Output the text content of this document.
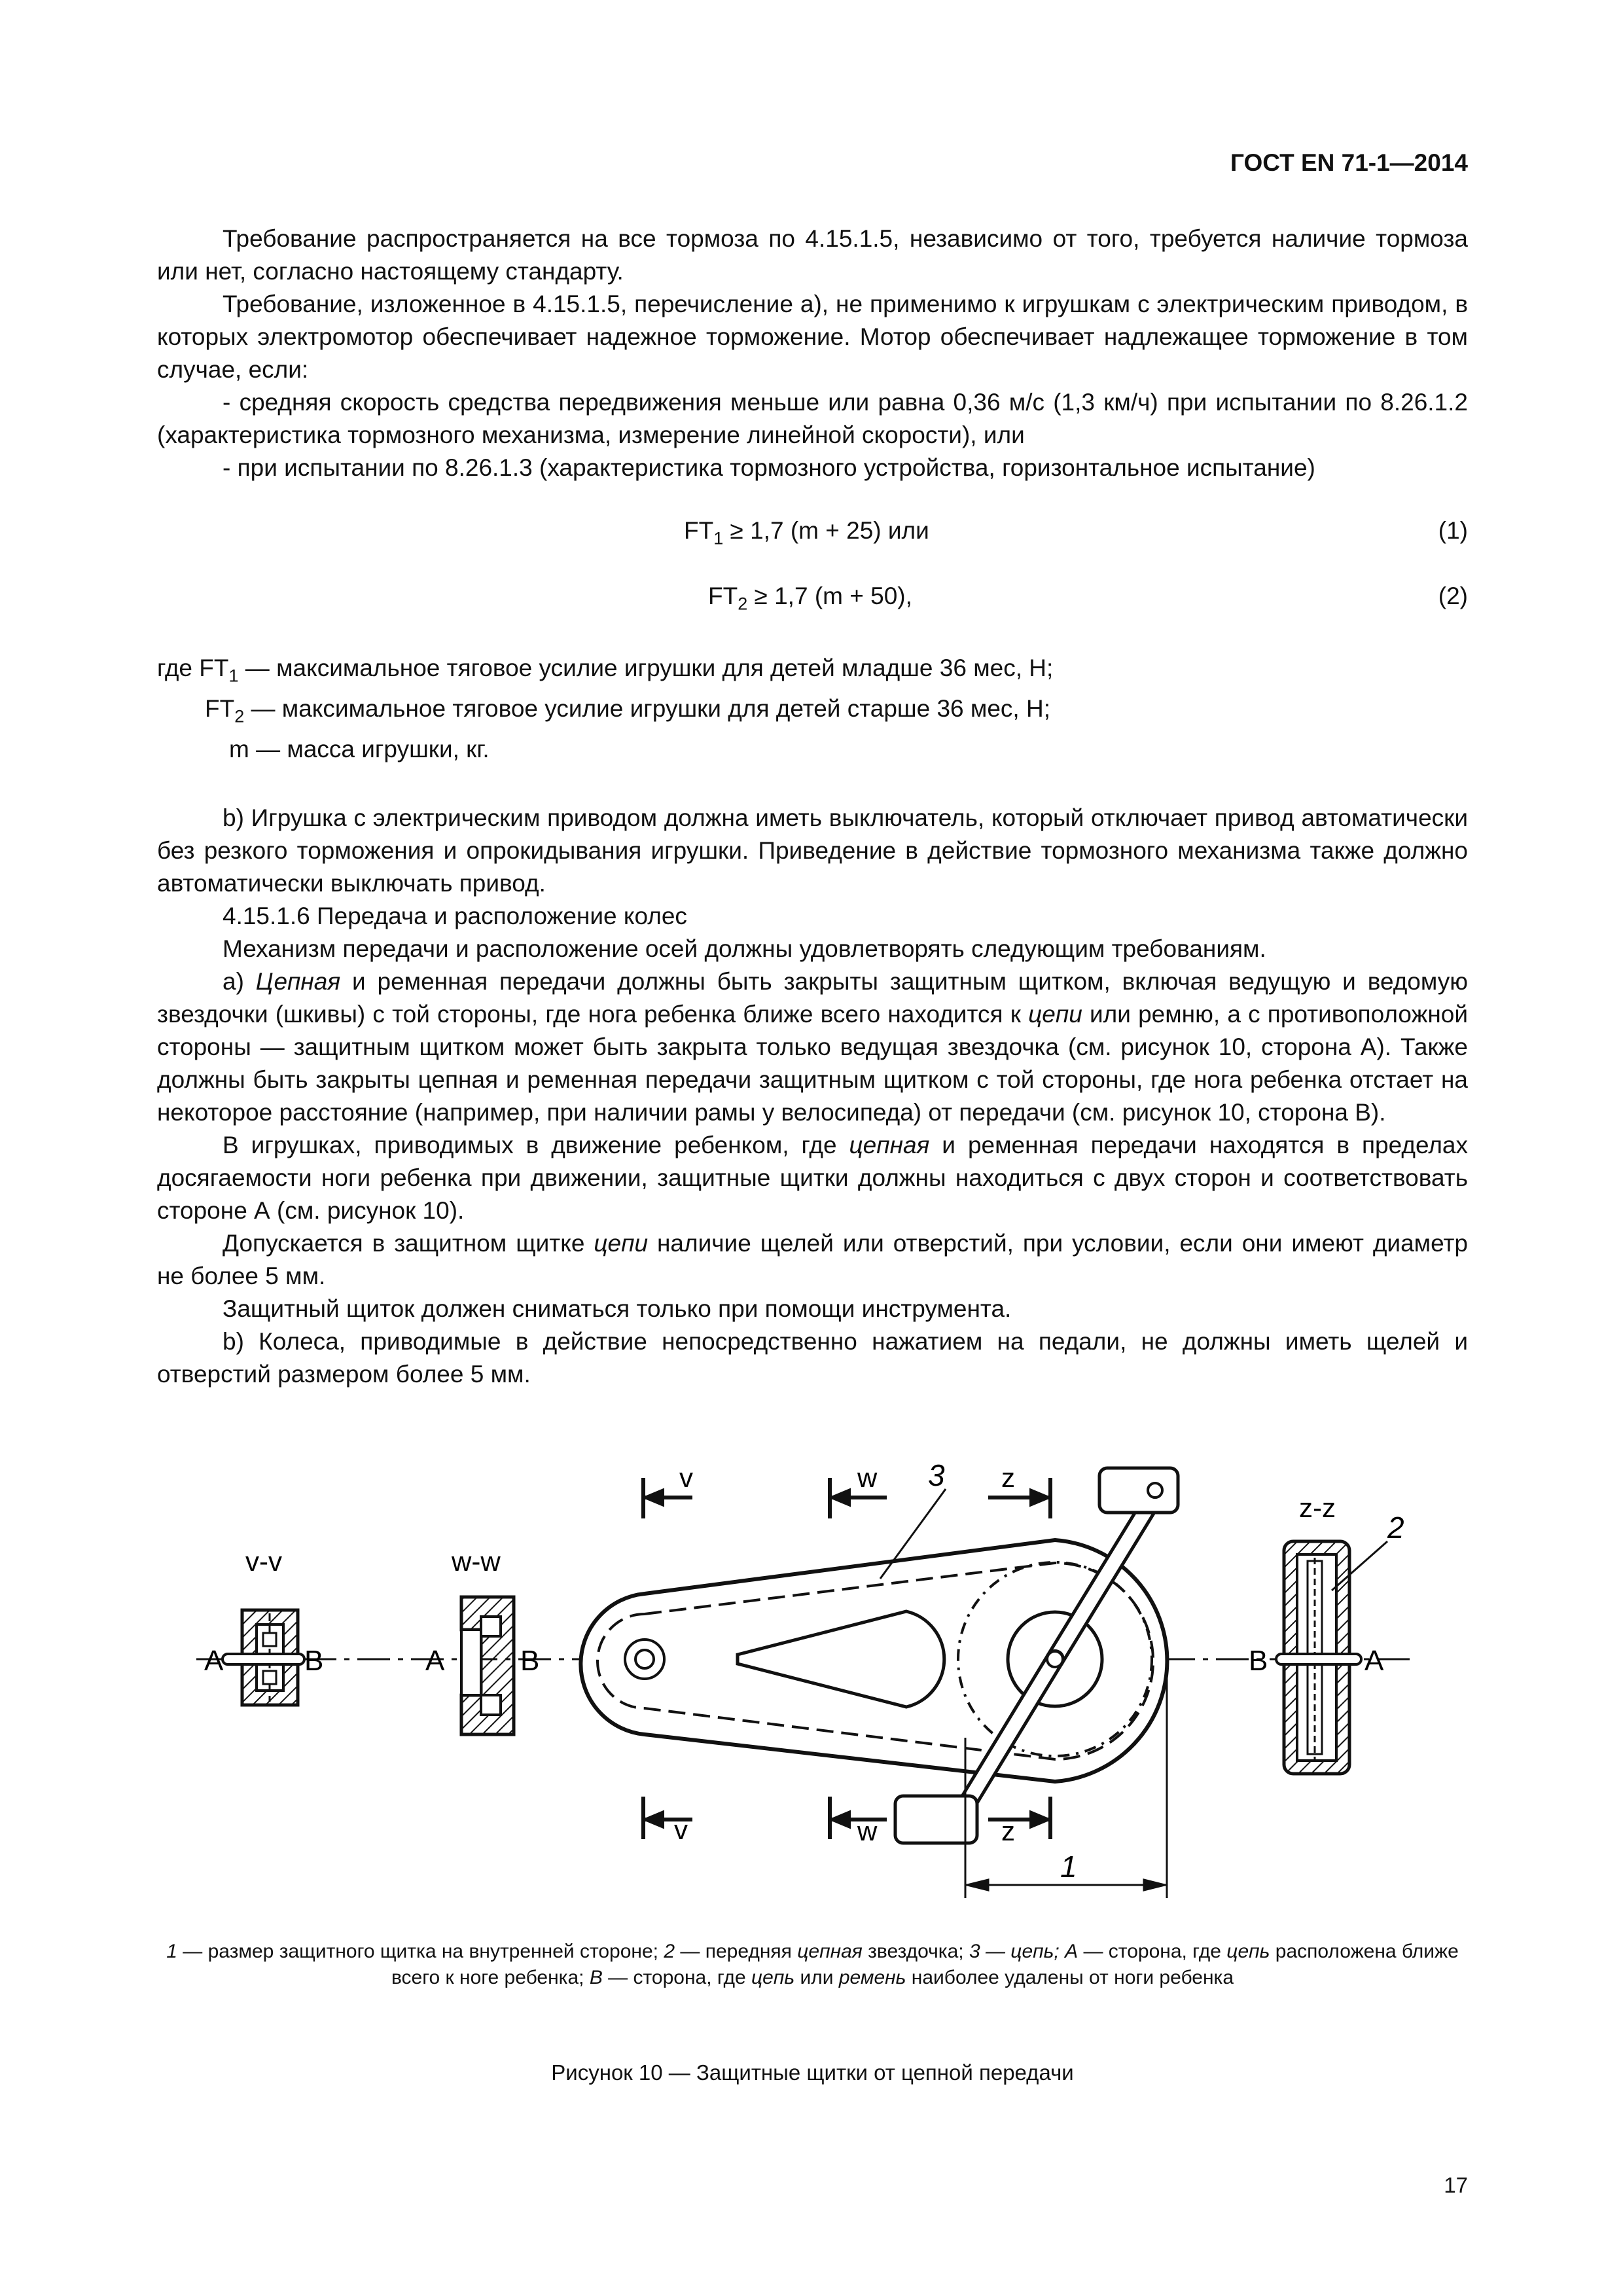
ГОСТ EN 71-1—2014

Требование распространяется на все тормоза по 4.15.1.5, независимо от того, требуется наличие тормоза или нет, согласно настоящему стандарту.

Требование, изложенное в 4.15.1.5, перечисление а), не применимо к игрушкам с электрическим приводом, в которых электромотор обеспечивает надежное торможение. Мотор обеспечивает надлежащее торможение в том случае, если:

- средняя скорость средства передвижения меньше или равна 0,36 м/с (1,3 км/ч) при испытании по 8.26.1.2 (характеристика тормозного механизма, измерение линейной скорости), или

- при испытании по 8.26.1.3 (характеристика тормозного устройства, горизонтальное испытание)

$FT_1 \ge 1,7$ (m + 25) или	(1)
$FT_2 \ge 1,7$ (m + 50),	(2)
где $FT_1$ — максимальное тяговое усилие игрушки для детей младше 36 мес, Н;
$FT_2$ — максимальное тяговое усилие игрушки для детей старше 36 мес, Н;
m — масса игрушки, кг.

b) Игрушка с электрическим приводом должна иметь выключатель, который отключает привод автоматически без резкого торможения и опрокидывания игрушки. Приведение в действие тормозного механизма также должно автоматически выключать привод.

4.15.1.6 Передача и расположение колес

Механизм передачи и расположение осей должны удовлетворять следующим требованиям.

а) Цепная и ременная передачи должны быть закрыты защитным щитком, включая ведущую и ведомую звездочки (шкивы) с той стороны, где нога ребенка ближе всего находится к цепи или ремню, а с противоположной стороны — защитным щитком может быть закрыта только ведущая звездочка (см. рисунок 10, сторона А). Также должны быть закрыты цепная и ременная передачи защитным щитком с той стороны, где нога ребенка отстает на некоторое расстояние (например, при наличии рамы у велосипеда) от передачи (см. рисунок 10, сторона В).

В игрушках, приводимых в движение ребенком, где цепная и ременная передачи находятся в пределах досягаемости ноги ребенка при движении, защитные щитки должны находиться с двух сторон и соответствовать стороне А (см. рисунок 10).

Допускается в защитном щитке цепи наличие щелей или отверстий, при условии, если они имеют диаметр не более 5 мм.

Защитный щиток должен сниматься только при помощи инструмента.

b) Колеса, приводимые в действие непосредственно нажатием на педали, не должны иметь щелей и отверстий размером более 5 мм.

v-v
А	В
w-w
А	В
v
v
w
w
z
z
3
1
z-z
2
В	А
1 — размер защитного щитка на внутренней стороне; 2 — передняя цепная звездочка; 3 — цепь; А — сторона, где цепь расположена ближе всего к ноге ребенка; В — сторона, где цепь или ремень наиболее удалены от ноги ребенка
Рисунок 10 — Защитные щитки от цепной передачи
17
